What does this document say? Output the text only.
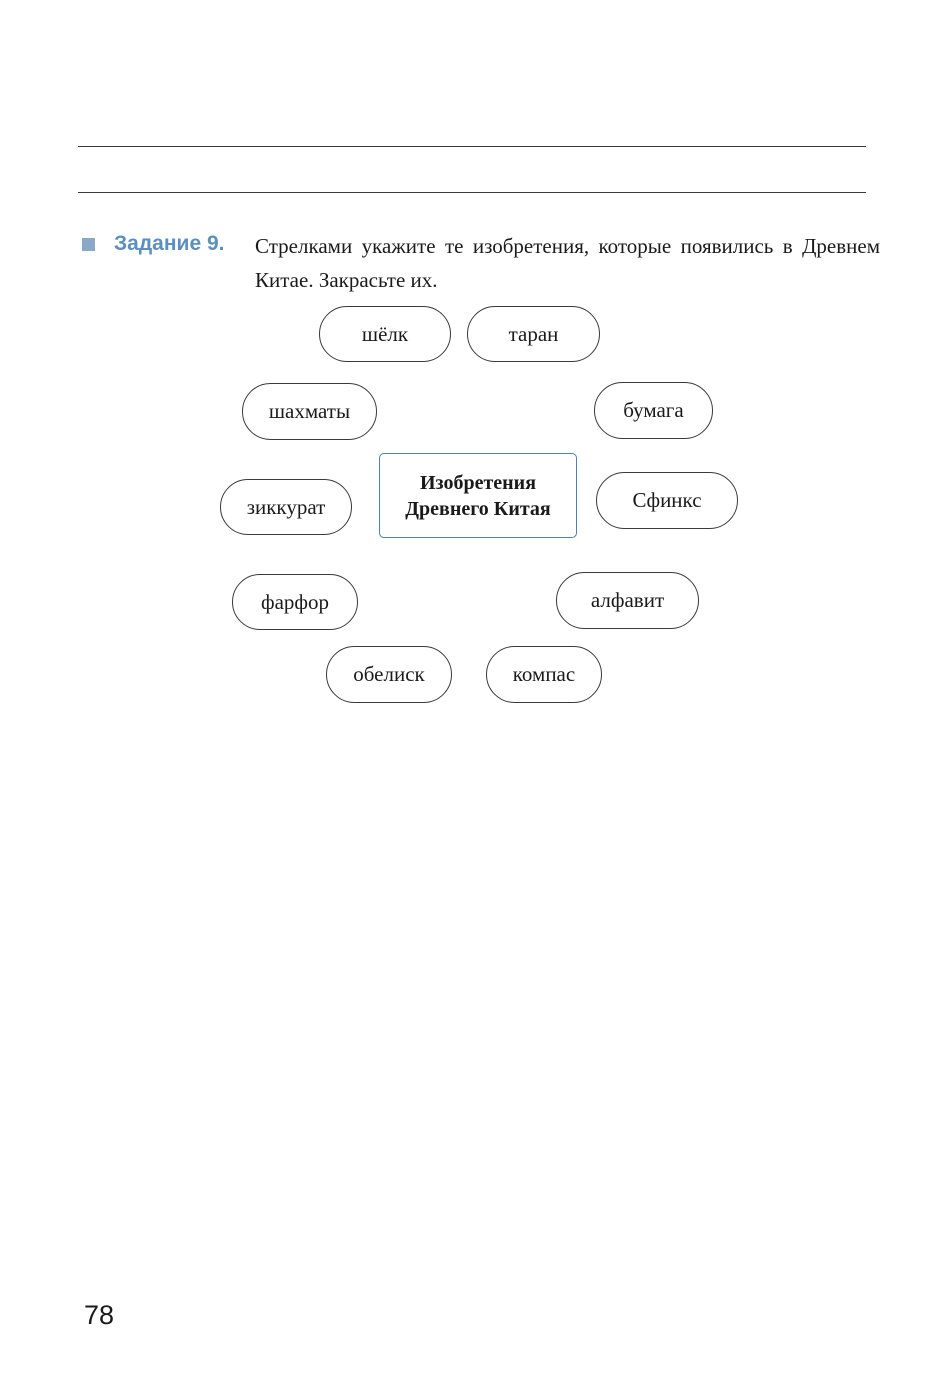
Задание 9. Стрелками укажите те изобретения, которые появились в Древнем Китае. Закрасьте их.
Изобретения
Древнего Китая
шёлк	таран
шахматы	бумага
зиккурат	Сфинкс
фарфор	алфавит
обелиск	компас
78
